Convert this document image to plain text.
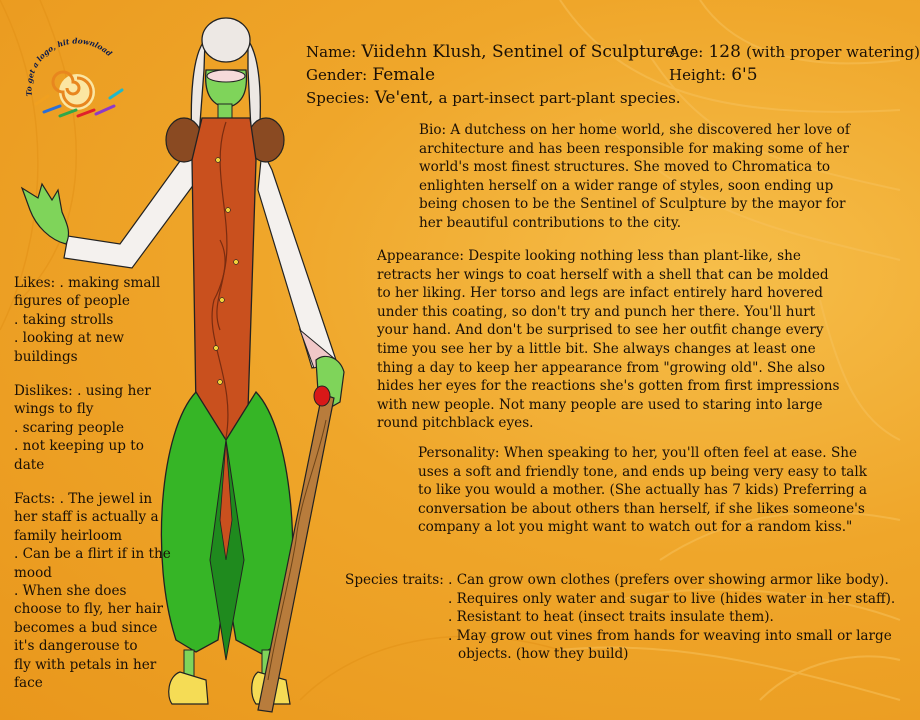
To get a logo, hit download	Name: Viidehn Klush, Sentinel of Sculpture
Gender: Female
Species: Ve'ent, a part-insect part-plant species.
Age: 128 (with proper watering)
Height: 6'5
Bio: A dutchess on her home world, she discovered her love of
architecture and has been responsible for making some of her
world's most finest structures. She moved to Chromatica to
enlighten herself on a wider range of styles, soon ending up
being chosen to be the Sentinel of Sculpture by the mayor for
her beautiful contributions to the city.
Appearance: Despite looking nothing less than plant-like, she
retracts her wings to coat herself with a shell that can be molded
to her liking. Her torso and legs are infact entirely hard hovered
under this coating, so don't try and punch her there. You'll hurt
your hand. And don't be surprised to see her outfit change every
time you see her by a little bit. She always changes at least one
thing a day to keep her appearance from "growing old". She also
hides her eyes for the reactions she's gotten from first impressions
with new people. Not many people are used to staring into large
round pitchblack eyes.
Personality: When speaking to her, you'll often feel at ease. She
uses a soft and friendly tone, and ends up being very easy to talk
to like you would a mother. (She actually has 7 kids) Preferring a
conversation be about others than herself, if she likes someone's
company a lot you might want to watch out for a random kiss."
Species traits: . Can grow own clothes (prefers over showing armor like body).
. Requires only water and sugar to live (hides water in her staff).
. Resistant to heat (insect traits insulate them).
. May grow out vines from hands for weaving into small or large
objects. (how they build)
Likes: . making small
figures of people
. taking strolls
. looking at new
buildings
Dislikes: . using her
wings to fly
. scaring people
. not keeping up to
date
Facts: . The jewel in
her staff is actually a
family heirloom
. Can be a flirt if in the
mood
. When she does
choose to fly, her hair
becomes a bud since
it's dangerouse to
fly with petals in her
face
